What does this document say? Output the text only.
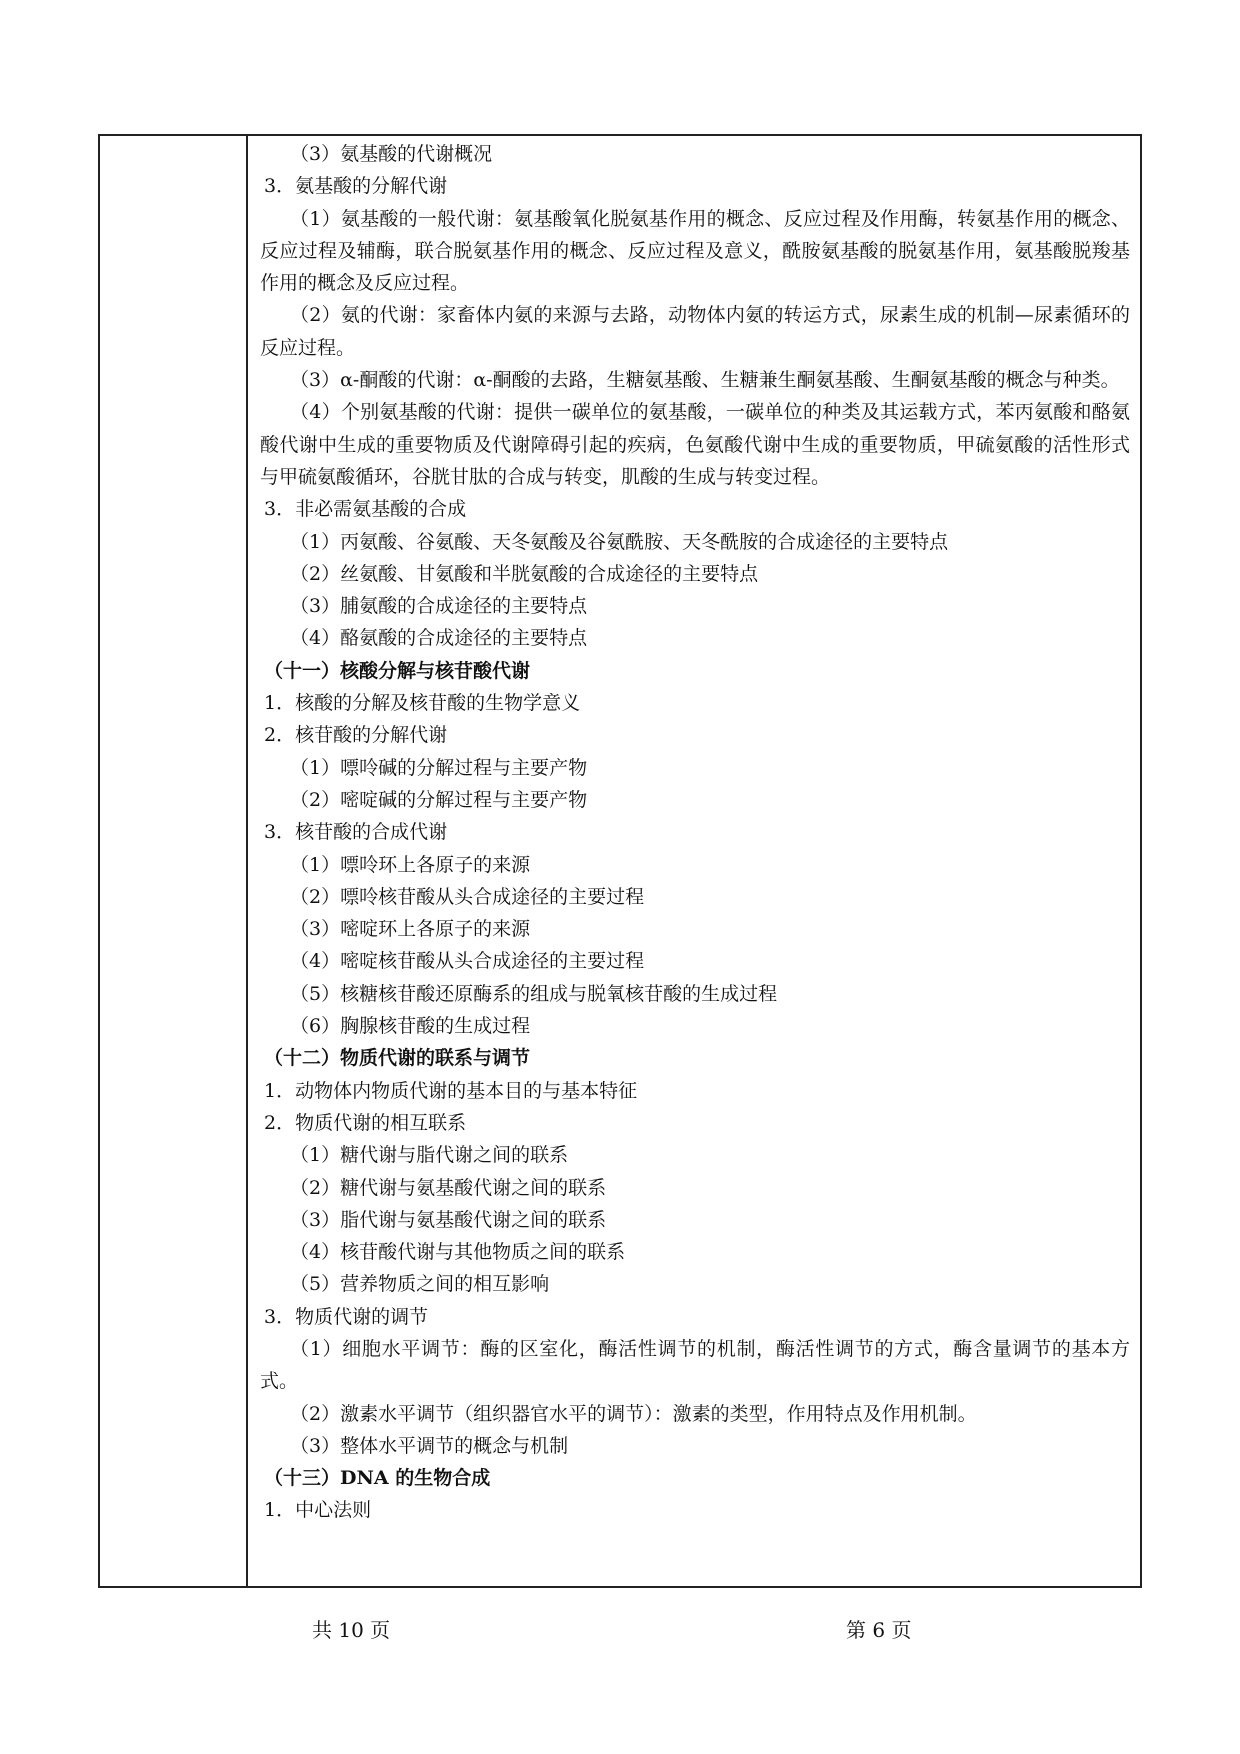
（3）氨基酸的代谢概况
3．氨基酸的分解代谢
（1）氨基酸的一般代谢：氨基酸氧化脱氨基作用的概念、反应过程及作用酶，转氨基作用的概念、反应过程及辅酶，联合脱氨基作用的概念、反应过程及意义，酰胺氨基酸的脱氨基作用，氨基酸脱羧基作用的概念及反应过程。
（2）氨的代谢：家畜体内氨的来源与去路，动物体内氨的转运方式，尿素生成的机制—尿素循环的反应过程。
（3）α-酮酸的代谢：α-酮酸的去路，生糖氨基酸、生糖兼生酮氨基酸、生酮氨基酸的概念与种类。
（4）个别氨基酸的代谢：提供一碳单位的氨基酸，一碳单位的种类及其运载方式，苯丙氨酸和酪氨酸代谢中生成的重要物质及代谢障碍引起的疾病，色氨酸代谢中生成的重要物质，甲硫氨酸的活性形式与甲硫氨酸循环，谷胱甘肽的合成与转变，肌酸的生成与转变过程。
3．非必需氨基酸的合成
（1）丙氨酸、谷氨酸、天冬氨酸及谷氨酰胺、天冬酰胺的合成途径的主要特点
（2）丝氨酸、甘氨酸和半胱氨酸的合成途径的主要特点
（3）脯氨酸的合成途径的主要特点
（4）酪氨酸的合成途径的主要特点
（十一）核酸分解与核苷酸代谢
1．核酸的分解及核苷酸的生物学意义
2．核苷酸的分解代谢
（1）嘌呤碱的分解过程与主要产物
（2）嘧啶碱的分解过程与主要产物
3．核苷酸的合成代谢
（1）嘌呤环上各原子的来源
（2）嘌呤核苷酸从头合成途径的主要过程
（3）嘧啶环上各原子的来源
（4）嘧啶核苷酸从头合成途径的主要过程
（5）核糖核苷酸还原酶系的组成与脱氧核苷酸的生成过程
（6）胸腺核苷酸的生成过程
（十二）物质代谢的联系与调节
1．动物体内物质代谢的基本目的与基本特征
2．物质代谢的相互联系
（1）糖代谢与脂代谢之间的联系
（2）糖代谢与氨基酸代谢之间的联系
（3）脂代谢与氨基酸代谢之间的联系
（4）核苷酸代谢与其他物质之间的联系
（5）营养物质之间的相互影响
3．物质代谢的调节
（1）细胞水平调节：酶的区室化，酶活性调节的机制，酶活性调节的方式，酶含量调节的基本方式。
（2）激素水平调节（组织器官水平的调节）：激素的类型，作用特点及作用机制。
（3）整体水平调节的概念与机制
（十三）DNA 的生物合成
1．中心法则
共 10 页	第 6 页
